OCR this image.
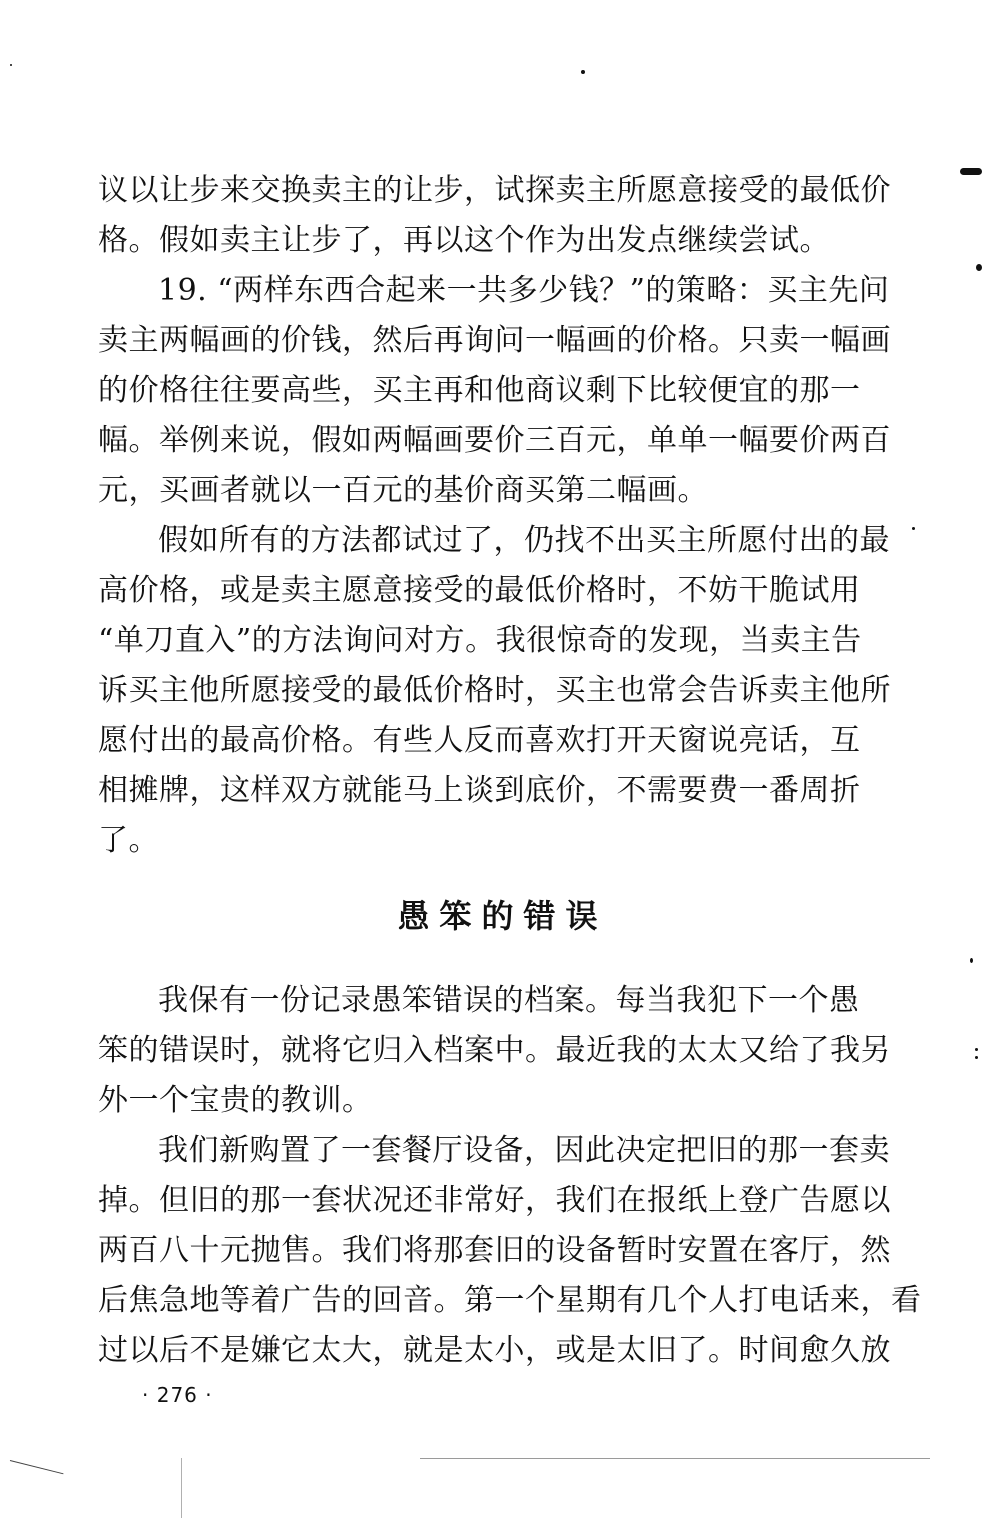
议以让步来交换卖主的让步，试探卖主所愿意接受的最低价
格。假如卖主让步了，再以这个作为出发点继续尝试。
19. “两样东西合起来一共多少钱？”的策略：买主先问
卖主两幅画的价钱，然后再询问一幅画的价格。只卖一幅画
的价格往往要高些，买主再和他商议剩下比较便宜的那一
幅。举例来说，假如两幅画要价三百元，单单一幅要价两百
元，买画者就以一百元的基价商买第二幅画。
假如所有的方法都试过了，仍找不出买主所愿付出的最
高价格，或是卖主愿意接受的最低价格时，不妨干脆试用
“单刀直入”的方法询问对方。我很惊奇的发现，当卖主告
诉买主他所愿接受的最低价格时，买主也常会告诉卖主他所
愿付出的最高价格。有些人反而喜欢打开天窗说亮话，互
相摊牌，这样双方就能马上谈到底价，不需要费一番周折
了。
愚笨的错误
我保有一份记录愚笨错误的档案。每当我犯下一个愚
笨的错误时，就将它归入档案中。最近我的太太又给了我另
外一个宝贵的教训。
我们新购置了一套餐厅设备，因此决定把旧的那一套卖
掉。但旧的那一套状况还非常好，我们在报纸上登广告愿以
两百八十元抛售。我们将那套旧的设备暂时安置在客厅，然
后焦急地等着广告的回音。第一个星期有几个人打电话来，看
过以后不是嫌它太大，就是太小，或是太旧了。时间愈久放
· 276 ·
